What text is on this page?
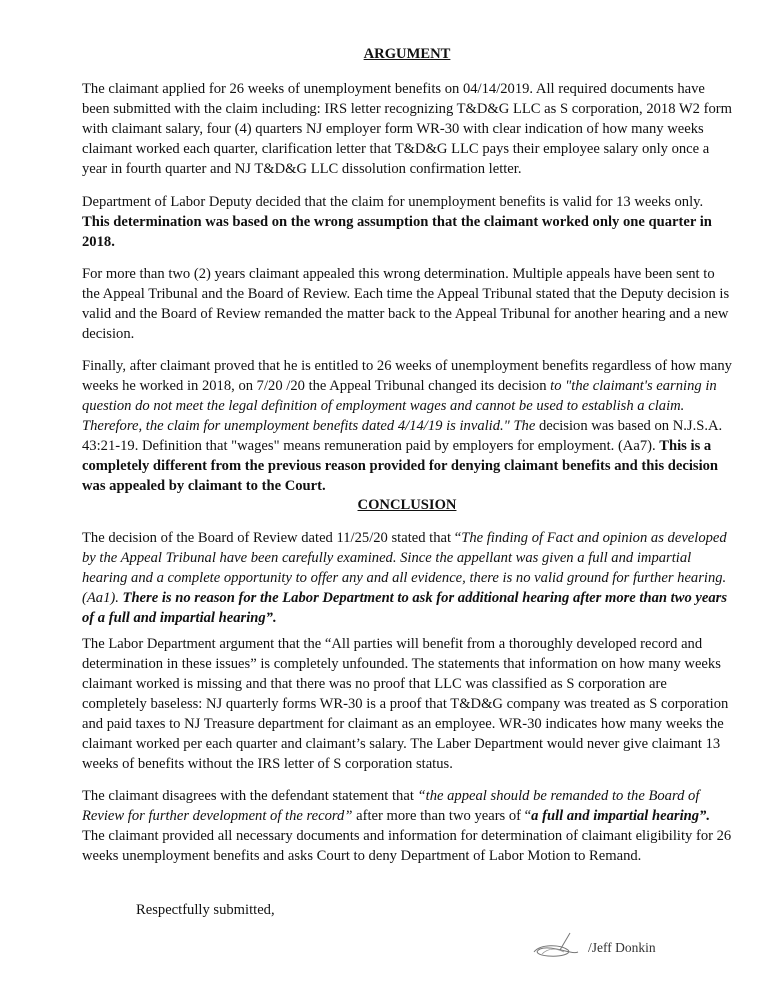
ARGUMENT

The claimant applied for 26 weeks of unemployment benefits on 04/14/2019. All required documents have been submitted with the claim including: IRS letter recognizing T&D&G LLC as S corporation, 2018 W2 form with claimant salary, four (4) quarters NJ employer form WR-30 with clear indication of how many weeks claimant worked each quarter, clarification letter that T&D&G LLC pays their employee salary only once a year in fourth quarter and NJ T&D&G LLC dissolution confirmation letter.

Department of Labor Deputy decided that the claim for unemployment benefits is valid for 13 weeks only. This determination was based on the wrong assumption that the claimant worked only one quarter in 2018.

For more than two (2) years claimant appealed this wrong determination. Multiple appeals have been sent to the Appeal Tribunal and the Board of Review. Each time the Appeal Tribunal stated that the Deputy decision is valid and the Board of Review remanded the matter back to the Appeal Tribunal for another hearing and a new decision.

Finally, after claimant proved that he is entitled to 26 weeks of unemployment benefits regardless of how many weeks he worked in 2018, on 7/20 /20 the Appeal Tribunal changed its decision to "the claimant's earning in question do not meet the legal definition of employment wages and cannot be used to establish a claim. Therefore, the claim for unemployment benefits dated 4/14/19 is invalid." The decision was based on N.J.S.A. 43:21-19. Definition that "wages" means remuneration paid by employers for employment. (Aa7). This is a completely different from the previous reason provided for denying claimant benefits and this decision was appealed by claimant to the Court.

CONCLUSION

The decision of the Board of Review dated 11/25/20 stated that “The finding of Fact and opinion as developed by the Appeal Tribunal have been carefully examined. Since the appellant was given a full and impartial hearing and a complete opportunity to offer any and all evidence, there is no valid ground for further hearing. (Aa1). There is no reason for the Labor Department to ask for additional hearing after more than two years of a full and impartial hearing”.

The Labor Department argument that the “All parties will benefit from a thoroughly developed record and determination in these issues” is completely unfounded. The statements that information on how many weeks claimant worked is missing and that there was no proof that LLC was classified as S corporation are completely baseless: NJ quarterly forms WR-30 is a proof that T&D&G company was treated as S corporation and paid taxes to NJ Treasure department for claimant as an employee. WR-30 indicates how many weeks the claimant worked per each quarter and claimant’s salary. The Laber Department would never give claimant 13 weeks of benefits without the IRS letter of S corporation status.

The claimant disagrees with the defendant statement that “the appeal should be remanded to the Board of Review for further development of the record” after more than two years of “a full and impartial hearing”. The claimant provided all necessary documents and information for determination of claimant eligibility for 26 weeks unemployment benefits and asks Court to deny Department of Labor Motion to Remand.

Respectfully submitted,
/Jeff Donkin
